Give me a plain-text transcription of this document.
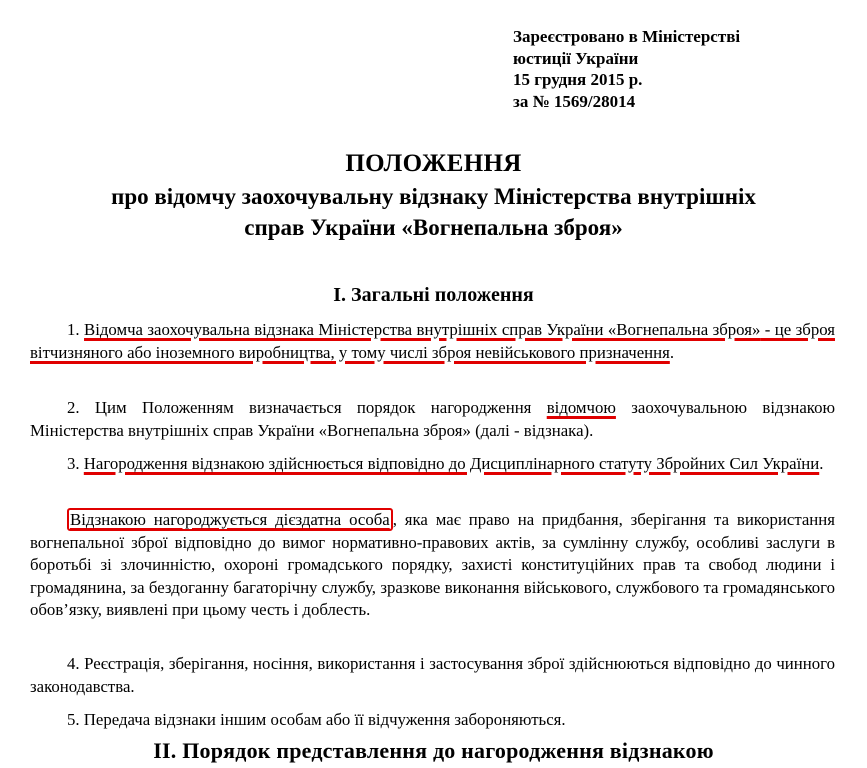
Зареєстровано в Міністерстві
юстиції України
15 грудня 2015 р.
за № 1569/28014
ПОЛОЖЕННЯ
про відомчу заохочувальну відзнаку Міністерства внутрішніх
справ України «Вогнепальна зброя»
І. Загальні положення
1. Відомча заохочувальна відзнака Міністерства внутрішніх справ України «Вогнепальна зброя» - це зброя вітчизняного або іноземного виробництва, у тому числі зброя невійськового призначення.
2. Цим Положенням визначається порядок нагородження відомчою заохочувальною відзнакою Міністерства внутрішніх справ України «Вогнепальна зброя» (далі - відзнака).
3. Нагородження відзнакою здійснюється відповідно до Дисциплінарного статуту Збройних Сил України.
Відзнакою нагороджується дієздатна особа , яка має право на придбання, зберігання та використання вогнепальної зброї відповідно до вимог нормативно-правових актів, за сумлінну службу, особливі заслуги в боротьбі зі злочинністю, охороні громадського порядку, захисті конституційних прав та свобод людини і громадянина, за бездоганну багаторічну службу, зразкове виконання військового, службового та громадянського обов’язку, виявлені при цьому честь і доблесть.
4. Реєстрація, зберігання, носіння, використання і застосування зброї здійснюються відповідно до чинного законодавства.
5. Передача відзнаки іншим особам або її відчуження забороняються.
ІІ. Порядок представлення до нагородження відзнакою
